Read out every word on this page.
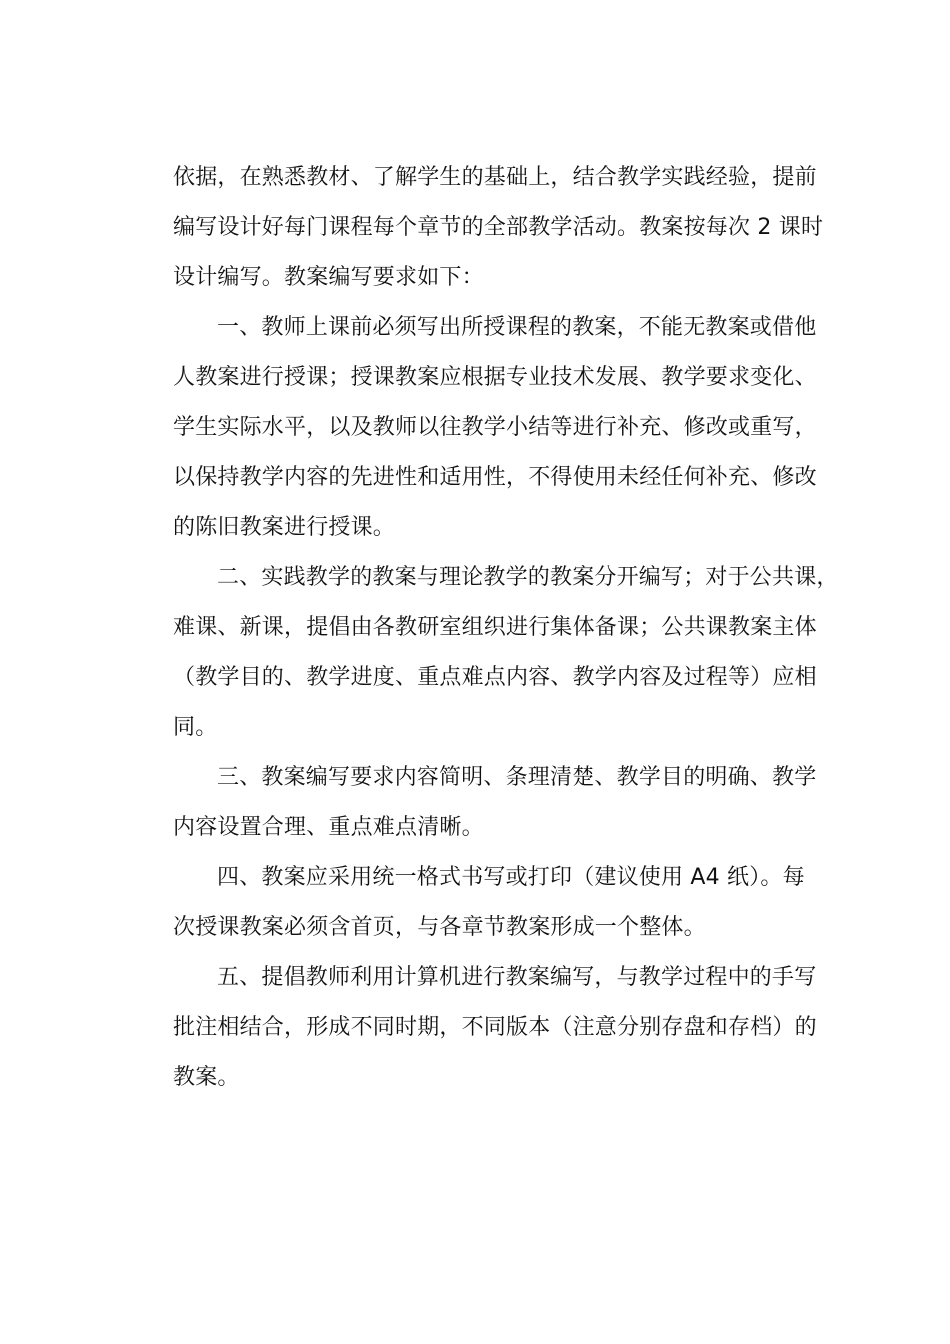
依据，在熟悉教材、了解学生的基础上，结合教学实践经验，提前
编写设计好每门课程每个章节的全部教学活动。教案按每次 2 课时
设计编写。教案编写要求如下：
一、教师上课前必须写出所授课程的教案，不能无教案或借他
人教案进行授课；授课教案应根据专业技术发展、教学要求变化、
学生实际水平，以及教师以往教学小结等进行补充、修改或重写，
以保持教学内容的先进性和适用性，不得使用未经任何补充、修改
的陈旧教案进行授课。
二、实践教学的教案与理论教学的教案分开编写；对于公共课，
难课、新课，提倡由各教研室组织进行集体备课；公共课教案主体
（教学目的、教学进度、重点难点内容、教学内容及过程等）应相
同。
三、教案编写要求内容简明、条理清楚、教学目的明确、教学
内容设置合理、重点难点清晰。
四、教案应采用统一格式书写或打印（建议使用 A4 纸）。每
次授课教案必须含首页，与各章节教案形成一个整体。
五、提倡教师利用计算机进行教案编写，与教学过程中的手写
批注相结合，形成不同时期，不同版本（注意分别存盘和存档）的
教案。
